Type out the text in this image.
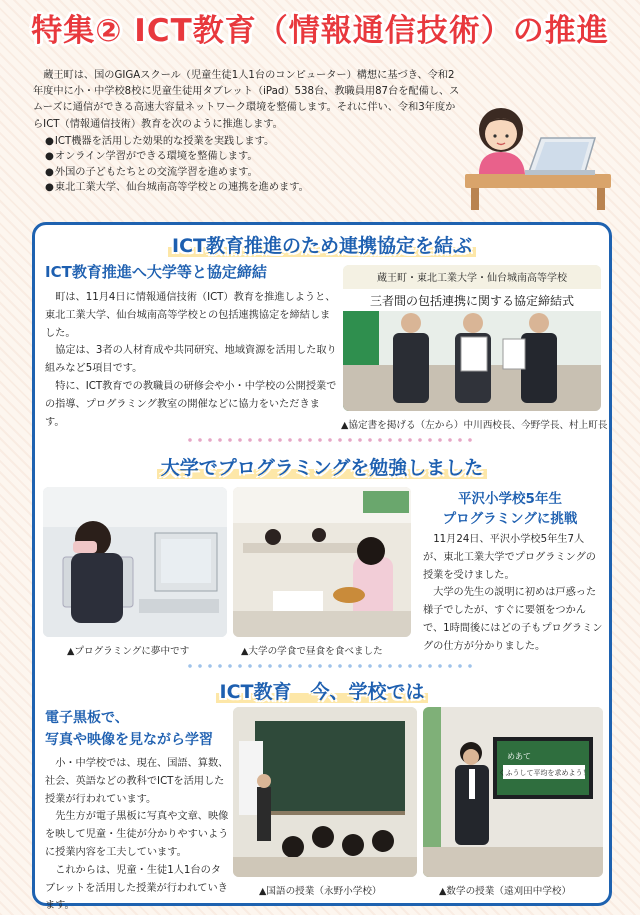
特集② ICT教育（情報通信技術）の推進

蔵王町は、国のGIGAスクール（児童生徒1人1台のコンピューター）構想に基づき、令和2年度中に小・中学校8校に児童生徒用タブレット（iPad）538台、教職員用87台を配備し、スムーズに通信ができる高速大容量ネットワーク環境を整備します。それに伴い、令和3年度からICT（情報通信技術）教育を次のように推進します。

● ICT機器を活用した効果的な授業を実践します。
● オンライン学習ができる環境を整備します。
● 外国の子どもたちとの交流学習を進めます。
● 東北工業大学、仙台城南高等学校との連携を進めます。
ICT教育推進のため連携協定を結ぶ
ICT教育推進へ大学等と協定締結

町は、11月4日に情報通信技術（ICT）教育を推進しようと、東北工業大学、仙台城南高等学校との包括連携協定を締結しました。

協定は、3者の人材育成や共同研究、地域資源を活用した取り組みなど5項目です。

特に、ICT教育での教職員の研修会や小・中学校の公開授業での指導、プログラミング教室の開催などに協力をいただきます。

蔵王町・東北工業大学・仙台城南高等学校
三者間の包括連携に関する協定締結式
▲協定書を掲げる（左から）中川西校長、今野学長、村上町長
大学でプログラミングを勉強しました
▲プログラミングに夢中です	▲大学の学食で昼食を食べました
平沢小学校5年生
プログラミングに挑戦

11月24日、平沢小学校5年生7人が、東北工業大学でプログラミングの授業を受けました。

大学の先生の説明に初めは戸惑った様子でしたが、すぐに要領をつかんで、1時間後にはどの子もプログラミングの仕方が分かりました。

ICT教育　今、学校では
電子黒板で、
写真や映像を見ながら学習

小・中学校では、現在、国語、算数、社会、英語などの教科でICTを活用した授業が行われています。

先生方が電子黒板に写真や文章、映像を映して児童・生徒が分かりやすいように授業内容を工夫しています。

これからは、児童・生徒1人1台のタブレットを活用した授業が行われていきます。

▲国語の授業（永野小学校）
めあて
くふうして平均を求めよう！
▲数学の授業（遠刈田中学校）
